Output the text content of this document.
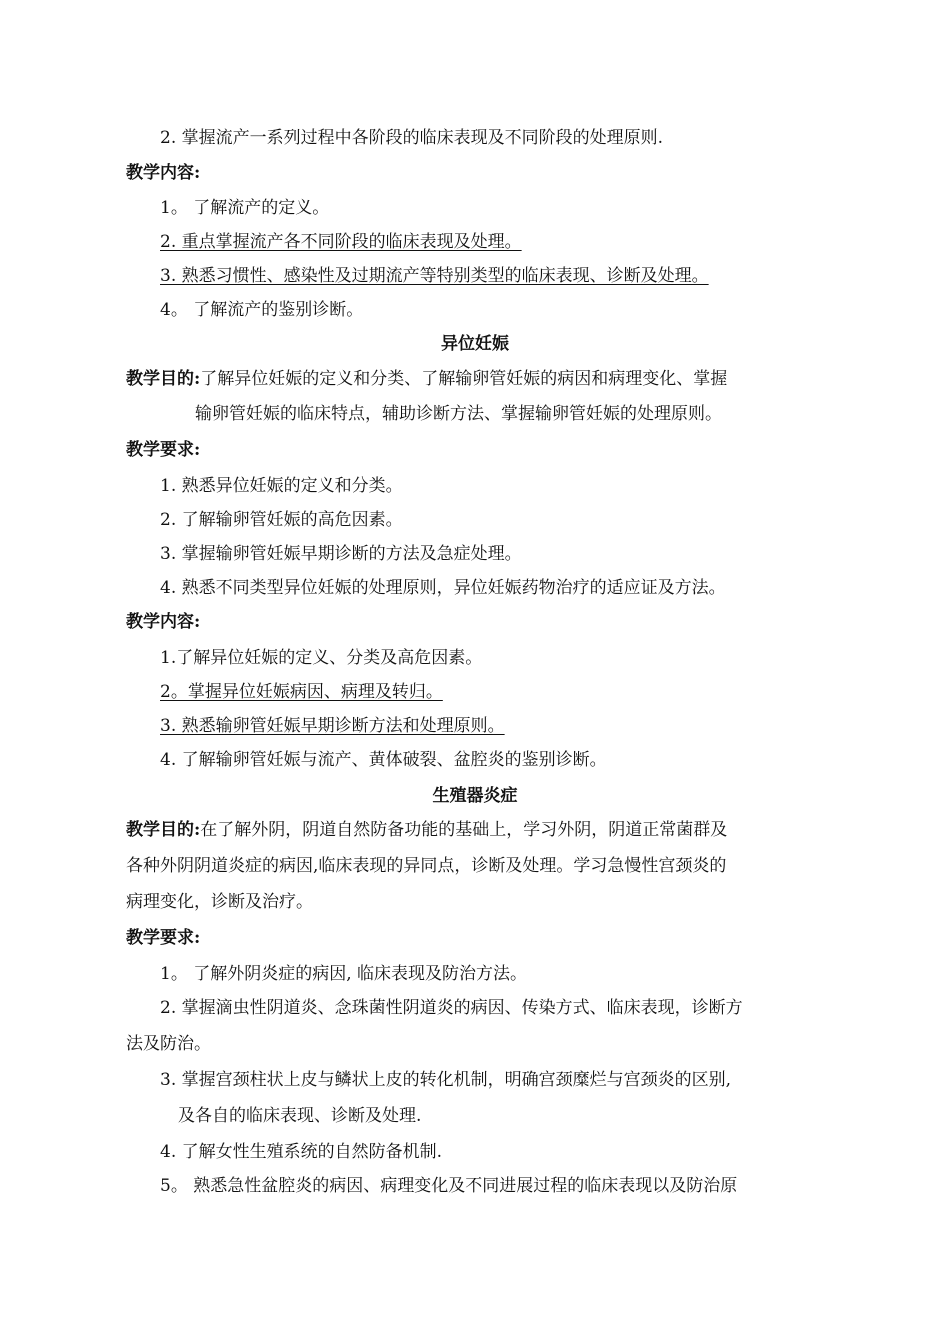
2. 掌握流产一系列过程中各阶段的临床表现及不同阶段的处理原则.
教学内容:
1。 了解流产的定义。
2. 重点掌握流产各不同阶段的临床表现及处理。
3. 熟悉习惯性、感染性及过期流产等特别类型的临床表现、诊断及处理。
4。 了解流产的鉴别诊断。
异位妊娠
教学目的:了解异位妊娠的定义和分类、了解输卵管妊娠的病因和病理变化、掌握
输卵管妊娠的临床特点，辅助诊断方法、掌握输卵管妊娠的处理原则。
教学要求:
1. 熟悉异位妊娠的定义和分类。
2. 了解输卵管妊娠的高危因素。
3. 掌握输卵管妊娠早期诊断的方法及急症处理。
4. 熟悉不同类型异位妊娠的处理原则，异位妊娠药物治疗的适应证及方法。
教学内容:
1.了解异位妊娠的定义、分类及高危因素。
2。掌握异位妊娠病因、病理及转归。
3. 熟悉输卵管妊娠早期诊断方法和处理原则。
4. 了解输卵管妊娠与流产、黄体破裂、盆腔炎的鉴别诊断。
生殖器炎症
教学目的:在了解外阴，阴道自然防备功能的基础上，学习外阴，阴道正常菌群及
各种外阴阴道炎症的病因,临床表现的异同点，诊断及处理。学习急慢性宫颈炎的
病理变化，诊断及治疗。
教学要求:
1。 了解外阴炎症的病因, 临床表现及防治方法。
2. 掌握滴虫性阴道炎、念珠菌性阴道炎的病因、传染方式、临床表现，诊断方
法及防治。
3. 掌握宫颈柱状上皮与鳞状上皮的转化机制，明确宫颈糜烂与宫颈炎的区别,
及各自的临床表现、诊断及处理.
4. 了解女性生殖系统的自然防备机制.
5。 熟悉急性盆腔炎的病因、病理变化及不同进展过程的临床表现以及防治原
